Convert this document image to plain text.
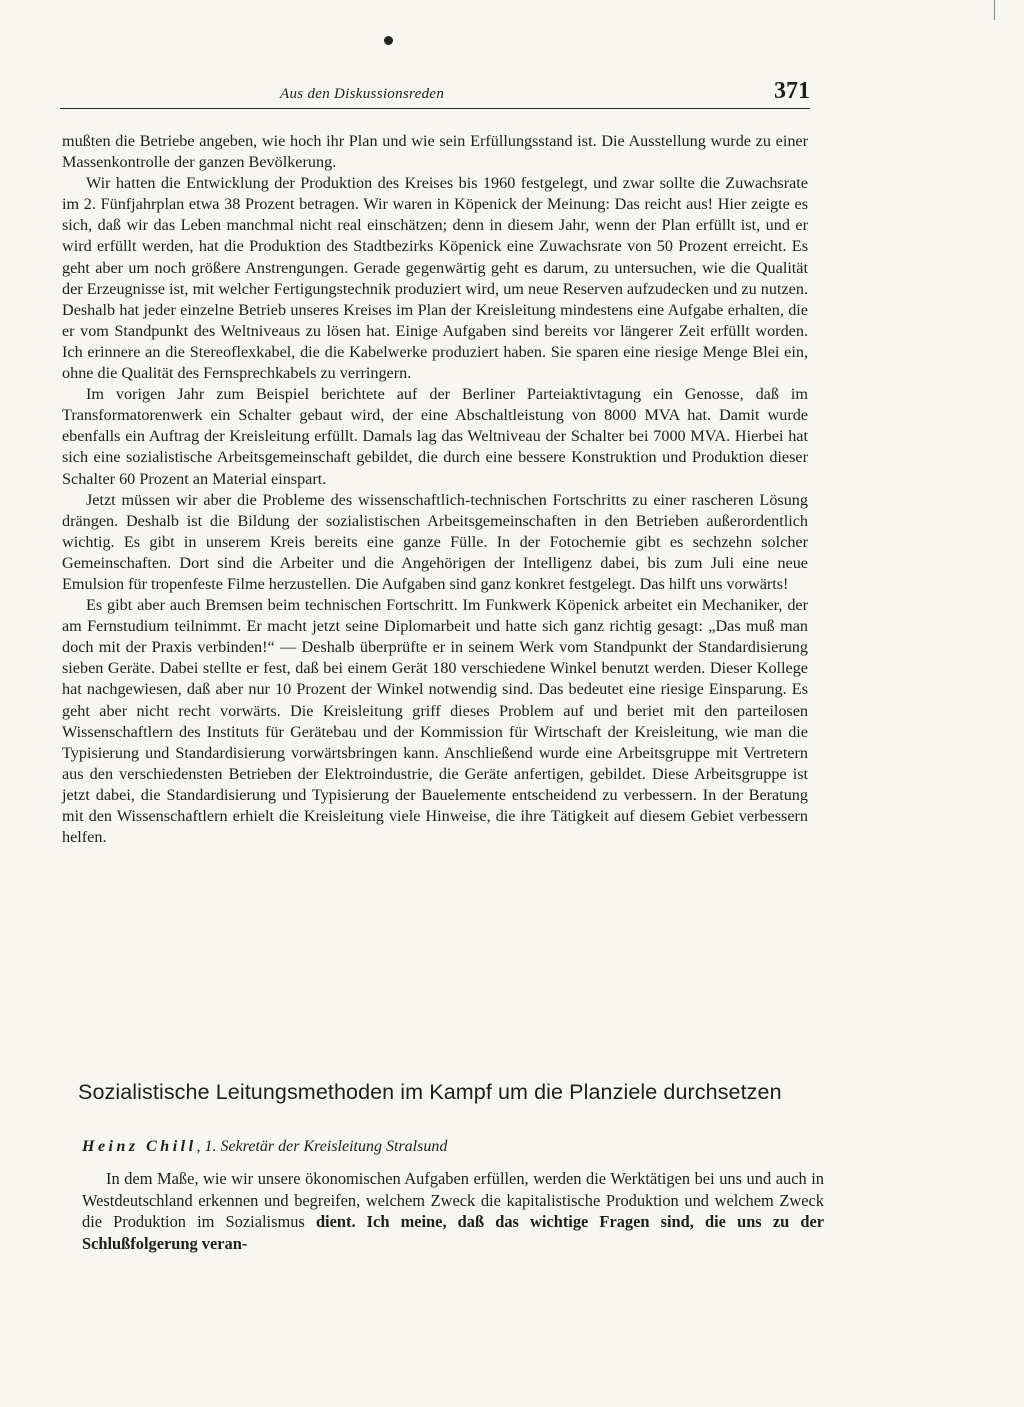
Aus den Diskussionsreden	371

mußten die Betriebe angeben, wie hoch ihr Plan und wie sein Erfüllungsstand ist. Die Ausstellung wurde zu einer Massenkontrolle der ganzen Bevölkerung.

Wir hatten die Entwicklung der Produktion des Kreises bis 1960 festgelegt, und zwar sollte die Zuwachsrate im 2. Fünfjahrplan etwa 38 Prozent betragen. Wir waren in Köpenick der Meinung: Das reicht aus! Hier zeigte es sich, daß wir das Leben manchmal nicht real einschätzen; denn in diesem Jahr, wenn der Plan erfüllt ist, und er wird erfüllt werden, hat die Produktion des Stadtbezirks Köpenick eine Zuwachsrate von 50 Prozent erreicht. Es geht aber um noch größere Anstrengungen. Gerade gegenwärtig geht es darum, zu untersuchen, wie die Qualität der Erzeugnisse ist, mit welcher Fertigungstechnik produziert wird, um neue Reserven aufzudecken und zu nutzen. Deshalb hat jeder einzelne Betrieb unseres Kreises im Plan der Kreisleitung mindestens eine Aufgabe erhalten, die er vom Standpunkt des Weltniveaus zu lösen hat. Einige Aufgaben sind bereits vor längerer Zeit erfüllt worden. Ich erinnere an die Stereoflexkabel, die die Kabelwerke produziert haben. Sie sparen eine riesige Menge Blei ein, ohne die Qualität des Fernsprechkabels zu verringern.

Im vorigen Jahr zum Beispiel berichtete auf der Berliner Parteiaktivtagung ein Genosse, daß im Transformatorenwerk ein Schalter gebaut wird, der eine Abschaltleistung von 8000 MVA hat. Damit wurde ebenfalls ein Auftrag der Kreisleitung erfüllt. Damals lag das Weltniveau der Schalter bei 7000 MVA. Hierbei hat sich eine sozialistische Arbeitsgemeinschaft gebildet, die durch eine bessere Konstruktion und Produktion dieser Schalter 60 Prozent an Material einspart.

Jetzt müssen wir aber die Probleme des wissenschaftlich-technischen Fortschritts zu einer rascheren Lösung drängen. Deshalb ist die Bildung der sozialistischen Arbeitsgemeinschaften in den Betrieben außerordentlich wichtig. Es gibt in unserem Kreis bereits eine ganze Fülle. In der Fotochemie gibt es sechzehn solcher Gemeinschaften. Dort sind die Arbeiter und die Angehörigen der Intelligenz dabei, bis zum Juli eine neue Emulsion für tropenfeste Filme herzustellen. Die Aufgaben sind ganz konkret festgelegt. Das hilft uns vorwärts!

Es gibt aber auch Bremsen beim technischen Fortschritt. Im Funkwerk Köpenick arbeitet ein Mechaniker, der am Fernstudium teilnimmt. Er macht jetzt seine Diplomarbeit und hatte sich ganz richtig gesagt: „Das muß man doch mit der Praxis verbinden!“ — Deshalb überprüfte er in seinem Werk vom Standpunkt der Standardisierung sieben Geräte. Dabei stellte er fest, daß bei einem Gerät 180 verschiedene Winkel benutzt werden. Dieser Kollege hat nachgewiesen, daß aber nur 10 Prozent der Winkel notwendig sind. Das bedeutet eine riesige Einsparung. Es geht aber nicht recht vorwärts. Die Kreisleitung griff dieses Problem auf und beriet mit den parteilosen Wissenschaftlern des Instituts für Gerätebau und der Kommission für Wirtschaft der Kreisleitung, wie man die Typisierung und Standardisierung vorwärtsbringen kann. Anschließend wurde eine Arbeitsgruppe mit Vertretern aus den verschiedensten Betrieben der Elektroindustrie, die Geräte anfertigen, gebildet. Diese Arbeitsgruppe ist jetzt dabei, die Standardisierung und Typisierung der Bauelemente entscheidend zu verbessern. In der Beratung mit den Wissenschaftlern erhielt die Kreisleitung viele Hinweise, die ihre Tätigkeit auf diesem Gebiet verbessern helfen.

Sozialistische Leitungsmethoden im Kampf um die Planziele durchsetzen
Heinz Chill, 1. Sekretär der Kreisleitung Stralsund

In dem Maße, wie wir unsere ökonomischen Aufgaben erfüllen, werden die Werktätigen bei uns und auch in Westdeutschland erkennen und begreifen, welchem Zweck die kapitalistische Produktion und welchem Zweck die Produktion im Sozialismus dient. Ich meine, daß das wichtige Fragen sind, die uns zu der Schlußfolgerung veran-
